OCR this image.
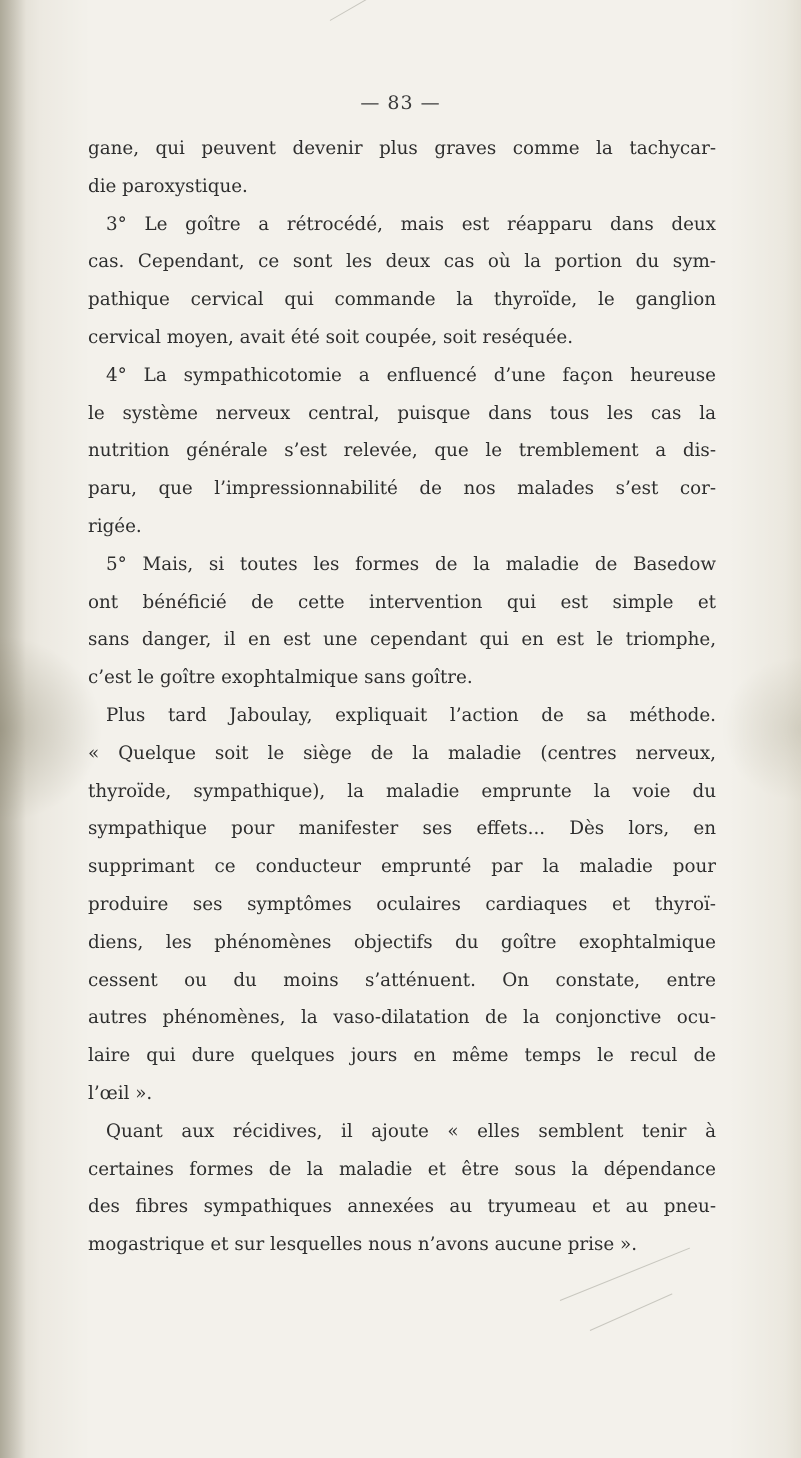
— 83 —
gane, qui peuvent devenir plus graves comme la tachycar-
die paroxystique.
3° Le goître a rétrocédé, mais est réapparu dans deux
cas. Cependant, ce sont les deux cas où la portion du sym-
pathique cervical qui commande la thyroïde, le ganglion
cervical moyen, avait été soit coupée, soit reséquée.
4° La sympathicotomie a enfluencé d’une façon heureuse
le système nerveux central, puisque dans tous les cas la
nutrition générale s’est relevée, que le tremblement a dis-
paru, que l’impressionnabilité de nos malades s’est cor-
rigée.
5° Mais, si toutes les formes de la maladie de Basedow
ont bénéficié de cette intervention qui est simple et
sans danger, il en est une cependant qui en est le triomphe,
c’est le goître exophtalmique sans goître.
Plus tard Jaboulay, expliquait l’action de sa méthode.
« Quelque soit le siège de la maladie (centres nerveux,
thyroïde, sympathique), la maladie emprunte la voie du
sympathique pour manifester ses effets... Dès lors, en
supprimant ce conducteur emprunté par la maladie pour
produire ses symptômes oculaires cardiaques et thyroï-
diens, les phénomènes objectifs du goître exophtalmique
cessent ou du moins s’atténuent. On constate, entre
autres phénomènes, la vaso-dilatation de la conjonctive ocu-
laire qui dure quelques jours en même temps le recul de
l’œil ».
Quant aux récidives, il ajoute « elles semblent tenir à
certaines formes de la maladie et être sous la dépendance
des fibres sympathiques annexées au tryumeau et au pneu-
mogastrique et sur lesquelles nous n’avons aucune prise ».
